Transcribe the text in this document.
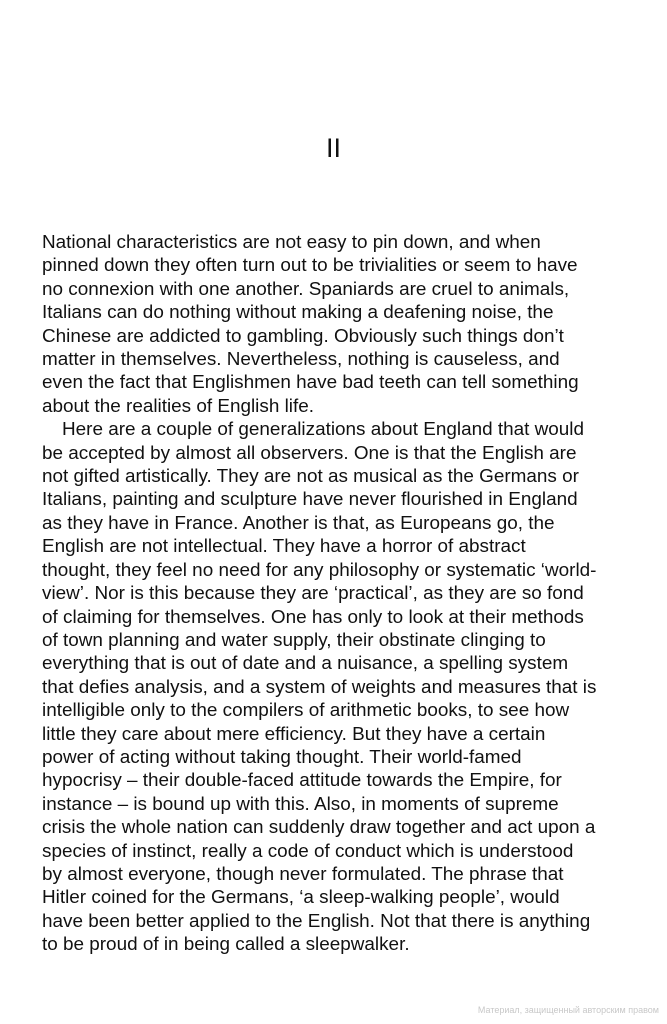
II

National characteristics are not easy to pin down, and when
pinned down they often turn out to be trivialities or seem to have
no connexion with one another. Spaniards are cruel to animals,
Italians can do nothing without making a deafening noise, the
Chinese are addicted to gambling. Obviously such things don’t
matter in themselves. Nevertheless, nothing is causeless, and
even the fact that Englishmen have bad teeth can tell something
about the realities of English life.

Here are a couple of generalizations about England that would
be accepted by almost all observers. One is that the English are
not gifted artistically. They are not as musical as the Germans or
Italians, painting and sculpture have never flourished in England
as they have in France. Another is that, as Europeans go, the
English are not intellectual. They have a horror of abstract
thought, they feel no need for any philosophy or systematic ‘world-
view’. Nor is this because they are ‘practical’, as they are so fond
of claiming for themselves. One has only to look at their methods
of town planning and water supply, their obstinate clinging to
everything that is out of date and a nuisance, a spelling system
that defies analysis, and a system of weights and measures that is
intelligible only to the compilers of arithmetic books, to see how
little they care about mere efficiency. But they have a certain
power of acting without taking thought. Their world-famed
hypocrisy – their double-faced attitude towards the Empire, for
instance – is bound up with this. Also, in moments of supreme
crisis the whole nation can suddenly draw together and act upon a
species of instinct, really a code of conduct which is understood
by almost everyone, though never formulated. The phrase that
Hitler coined for the Germans, ‘a sleep-walking people’, would
have been better applied to the English. Not that there is anything
to be proud of in being called a sleepwalker.

Материал, защищенный авторским правом
